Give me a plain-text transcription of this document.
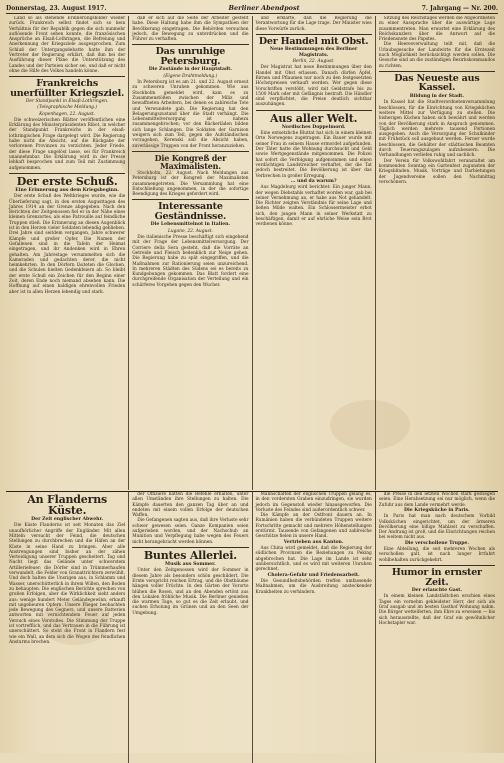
Donnerstag, 23. August 1917.	Berliner Abendpost	7. Jahrgang — Nr. 200.

Land so als stehende Erinnerungsbilder wieder zurück. Frankreich selbst findet sich so kein Verhältnis für der Republik gegen die sich nunmehr auflösende Front sehen konnte, die französischen Ansprüche an Elsaß-Lothringen, die Befreiung und Anerkennung der Kriegsziele ausgesprochen. Zum Schluß der Untergangsdebatte hatte ihm der Vertreter der Regierung erklärt, daß ihm bei der Ausführung dieser Pläne die Unterstützung des Landes und der Parteien sicher sei, und daß er nicht ohne die Hilfe des Volkes handeln könne.

Frankreichs unerfüllter Kriegsziel.
Der Standpunkt in Elsaß-Lothringen.
(Telegraphische Meldung.)
Kopenhagen, 22. August.

Die schweizerischen Blätter veröffentlichen eine Erklärung des Ministerpräsidenten Ribot, in welcher der Standpunkt Frankreichs in der elsaß-lothringischen Frage dargelegt wird. Die Regierung habe nicht die Absicht, auf die Rückgabe der verlorenen Provinzen zu verzichten. Jeder Friede, der diese Frage ungelöst lasse, sei für Frankreich unannehmbar. Die Erklärung wird in der Presse lebhaft besprochen und zum Teil mit Zustimmung aufgenommen.

Der erste Schuß.
Eine Erinnerung aus dem Kriegsbeginn.

Der erste Schuß des Weltkrieges wurde, wie die Überlieferung sagt, in den ersten Augusttagen des Jahres 1914 an der Grenze abgegeben. Nach den Berichten der Zeitgenossen fiel er in der Nähe eines kleinen Grenzortes, als eine Patrouille auf feindliche Truppen stieß. Die Erinnerung an diesen Augenblick ist in den Herzen vieler Soldaten lebendig geblieben. Drei Jahre sind seitdem vergangen, Jahre schwerer Kämpfe und großer Opfer. Die Namen der Gefallenen sind in die Tafeln der Heimat eingetragen, und ihr Andenken wird in Ehren gehalten. Am Jahrestage versammelten sich die Kameraden und gedachten derer, die nicht heimkehrten. In den Dörfern läuteten die Glocken, und die Schulen hielten Gedenkfeiern ab. So bleibt der erste Schuß ein Zeichen für den Beginn einer Zeit, deren Ende noch niemand absehen kann. Die Hoffnung auf einen baldigen ehrenvollen Frieden aber ist in allen Herzen lebendig und stark.

daß er sich auf die Seite der Arbeiter gestellt habe. Diese Haltung habe ihm die Sympathien der Bevölkerung eingetragen. Die Behörden versuchen jedoch, die Bewegung zu unterdrücken und die Führer zu verhaften.

Das unruhige Petersburg.
Die Zustände in der Hauptstadt.
(Eigene Drahtmeldung.)

In Petersburg ist es am 21. und 22. August erneut zu schweren Unruhen gekommen. Wie aus Stockholm gemeldet wird, kam es zu Zusammenstößen zwischen der Miliz und bewaffneten Arbeitern, bei denen es zahlreiche Tote und Verwundete gab. Die Regierung hat den Belagerungszustand über die Stadt verhängt. Die Lebensmittelversorgung ist nahezu zusammengebrochen; vor den Bäckerläden bilden sich lange Schlangen. Die Soldaten der Garnison weigern sich zum Teil, gegen die Aufständischen vorzugehen. Kerenski soll die Absicht haben, zuverlässige Truppen von der Front heranzuziehen.

Die Kongreß der Maximalisten.

Stockholm, 22. August. Nach Meldungen aus Petersburg ist der Kongreß der Maximalisten zusammengetreten. Die Versammlung hat eine Entschließung angenommen, in der die sofortige Beendigung des Krieges gefordert wird.

Interessante Geständnisse.
Die Lebensmittelnot in Italien.
Lugano, 22. August.

Die italienische Presse beschäftigt sich eingehend mit der Frage der Lebensmittelversorgung. Der Corriere della Sera gesteht, daß die Vorräte an Getreide und Fleisch bedenklich zur Neige gehen. Die Regierung habe zu spät eingegriffen, und die Maßnahmen zur Rationierung seien unzureichend. In mehreren Städten des Südens sei es bereits zu Kundgebungen gekommen. Das Blatt fordert eine durchgreifende Organisation der Verteilung und ein schärferes Vorgehen gegen den Wucher.

und erklärte, daß die Regierung die Verantwortung für die Lage trage. Der Minister wies diese Vorwürfe zurück.

Der Handel mit Obst.
Neue Bestimmungen des Berliner Magistrats.
Berlin, 22. August.

Der Magistrat hat neue Bestimmungen über den Handel mit Obst erlassen. Danach dürfen Äpfel, Birnen und Pflaumen nur noch zu den festgesetzten Höchstpreisen verkauft werden. Wer gegen diese Vorschriften verstößt, wird mit Geldstrafe bis zu 1500 Mark oder mit Gefängnis bestraft. Die Händler sind verpflichtet, die Preise deutlich sichtbar auszuhängen.

Aus aller Welt.
Nordisches Doppelmord.

Eine entsetzliche Bluttat hat sich in einem kleinen Orte Norwegens zugetragen. Ein Bauer wurde mit seiner Frau in seinem Hause ermordet aufgefunden. Der Täter hatte die Wohnung durchsucht und Geld sowie Wertgegenstände mitgenommen. Die Polizei hat sofort die Verfolgung aufgenommen und einen verdächtigen Landstreicher verhaftet, der die Tat jedoch bestreitet. Die Bevölkerung ist über das Verbrechen in großer Erregung.

... und da warum?

Aus Magdeburg wird berichtet: Ein junger Mann, der wegen Diebstahls verhaftet worden war, gab bei seiner Vernehmung an, er habe aus Not gehandelt. Die Richter zeigten Verständnis für seine Lage und ließen Milde walten. Ein Schlossermeister erbot sich, den jungen Mann in seiner Werkstatt zu beschäftigen, damit er auf ehrliche Weise sein Brot verdienen könne.

Sitzung des Reichstages werden die Abgeordneten zu einer Aussprache über die auswärtige Lage zusammentreten. Man erwartet eine Erklärung des Reichskanzlers über die Antwort auf die Friedensnote des Papstes.

Die Heeresverwaltung teilt mit, daß die Urlaubsgesuche der Landwirte für die Erntezeit nach Möglichkeit berücksichtigt werden sollen. Die Gesuche sind an die zuständigen Bezirkskommandos zu richten.

Das Neueste aus Kassel.
Bildung in der Stadt.

In Kassel hat die Stadtverordnetenversammlung beschlossen, für die Einrichtung von Kriegsküchen weitere Mittel zur Verfügung zu stellen. Die bisherigen Küchen haben sich bewährt und werden von der Bevölkerung stark in Anspruch genommen. Täglich werden mehrere tausend Portionen ausgegeben. Auch die Versorgung der Schulkinder mit Frühstück soll ausgebaut werden. Ferner wurde beschlossen, die Gehälter der städtischen Beamten durch Teuerungszulagen aufzubessern. Die Verhandlungen verliefen ruhig und sachlich.

Der Verein für Volkswohlfahrt veranstaltet am kommenden Sonntag ein Gartenfest zugunsten der Kriegsblinden. Musik, Vorträge und Darbietungen der Jugendvereine sollen den Nachmittag verschönern.

An Flanderns Küste.
Der Zeit englischer Abwehr.

Die Küste Flanderns ist seit Monaten das Ziel unaufhörlicher Angriffe der Engländer. Mit allen Mitteln versucht der Feind, die deutschen Stellungen zu durchbrechen und die Häfen an der Küste in seine Hand zu bringen. Aber alle Anstrengungen sind bisher an der zähen Verteidigung unserer Truppen gescheitert. Tag und Nacht liegt das Gelände unter schwerstem Artilleriefeuer; die Dörfer sind in Trümmerhaufen verwandelt, die Felder von Granattrichtern zerwühlt. Und doch halten die Unsrigen aus, in Schlamm und Wasser, unerschütterlich in ihrem Willen, den Boden zu behaupten. Die englischen Berichte sprechen von großen Erfolgen, aber die Wirklichkeit sieht anders aus: wenige hundert Meter Geländegewinn, erkauft mit ungeheuren Opfern. Unsere Flieger beobachten jede Bewegung des Gegners, und unsere Batterien antworten mit vernichtendem Feuer auf jeden Versuch eines Vorstoßes. Die Stimmung der Truppe ist vortrefflich, und das Vertrauen in die Führung ist unerschüttert. So steht die Front in Flandern fest wie ein Wall, an dem sich die Wogen des feindlichen Ansturms brechen.

der Offiziere hatten die Befehle erhalten, unter allen Umständen ihre Stellungen zu halten. Die Kämpfe dauerten den ganzen Tag über an und endeten mit einem vollen Erfolge der deutschen Waffen.

Die Gefangenen sagten aus, daß ihre Verluste sehr schwer gewesen seien. Ganze Kompanien seien aufgerieben worden, und der Nachschub an Munition und Verpflegung habe wegen des Feuers nicht herangebracht werden können.

Buntes Allerlei.
Musik aus Sommer.

Unter den Zeitgenossen wird der Sommer in diesem Jahre als besonders schön geschildert. Die Ernte verspricht reichen Ertrag, und die Obstbäume hängen voller Früchte. In den Gärten der Vororte blühen die Rosen, und an den Abenden ertönt aus den Lokalen fröhliche Musik. Die Berliner genießen die warmen Tage, so gut es die Zeit erlaubt, und suchen Erholung im Grünen und an den Seen der Umgebung.

Mannschaften der englischen Truppen gelang es, in den vordersten Graben einzudringen, sie wurden jedoch im Gegenstoß wieder hinausgeworfen. Die Verluste des Feindes sind außerordentlich schwer.

Die Kämpfe an der Ostfront dauern an. In Rumänien haben die verbündeten Truppen weitere Fortschritte gemacht und mehrere Höhenstellungen erstürmt. Tausende von Gefangenen und zahlreiche Geschütze fielen in unsere Hand.

Vertrieben aus Kanton.

Aus China wird gemeldet, daß die Regierung der südlichen Provinzen die Beziehungen zu Peking abgebrochen hat. Die Lage im Lande ist sehr unübersichtlich, und es wird mit weiteren Unruhen gerechnet.

Cholera-Gefahr und Friedensarbeit.

Die Gesundheitsbehörden treffen umfassende Maßnahmen, um die Ausbreitung ansteckender Krankheiten zu verhindern.

die Preise in den letzten Wochen stark gestiegen seien. Eine Herabsetzung sei nur möglich, wenn die Zufuhr aus dem Lande vermehrt werde.

Die Kriegsküche in Paris.

In Paris hat man nach deutschem Vorbild Volksküchen eingerichtet, um der ärmeren Bevölkerung eine billige Mahlzeit zu verschaffen. Der Andrang ist groß, und die Einrichtungen reichen bei weitem nicht aus.

Die verschollene Truppe.

Eine Abteilung, die seit mehreren Wochen als verschollen galt, ist nach langer Irrfahrt wohlbehalten zurückgekehrt.

Humor in ernster Zeit.
Der erlauchte Gast.

In einem kleinen Landstädtchen erschien eines Tages ein vornehm gekleideter Herr, der sich als Graf ausgab und im besten Gasthof Wohnung nahm. Die Bürger wetteiferten, ihm Ehre zu erweisen — bis sich herausstellte, daß der Graf ein gewöhnlicher Hochstapler war.
